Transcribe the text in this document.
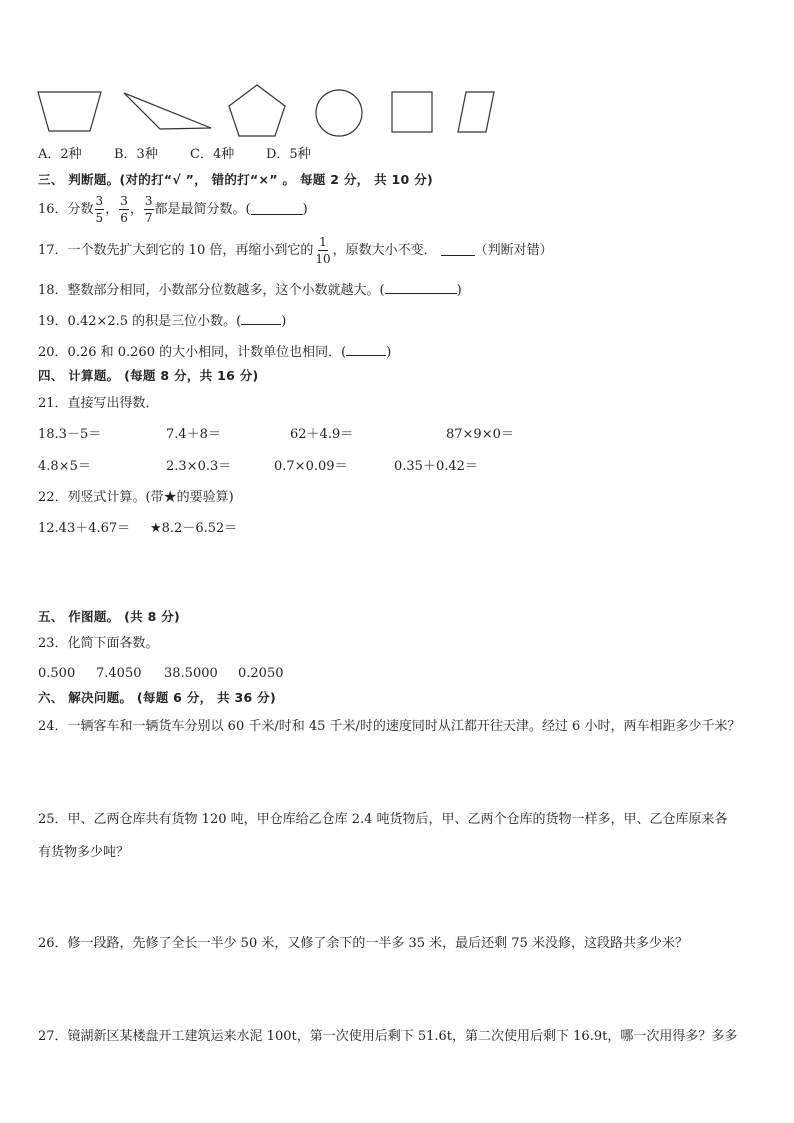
A．2种 B．3种 C．4种 D．5种
三、 判断题。(对的打“√ ”， 错的打“×” 。 每题 2 分， 共 10 分)
16．分数 $\frac{3}{5}$ ， $\frac{3}{6}$ ， $\frac{3}{7}$ 都是最简分数。(	)
17．一个数先扩大到它的 10 倍，再缩小到它的 $\frac{1}{10}$ ，原数大小不变．	（判断对错）
18．整数部分相同，小数部分位数越多，这个小数就越大。(	)
19．0.42×2.5 的积是三位小数。(	)
20．0.26 和 0.260 的大小相同，计数单位也相同．(	)
四、 计算题。 (每题 8 分，共 16 分)
21．直接写出得数．
18.3－5＝	7.4＋8＝	62＋4.9＝	87×9×0＝
4.8×5＝	2.3×0.3＝	0.7×0.09＝	0.35＋0.42＝
22．列竖式计算。(带★的要验算)
12.43＋4.67＝ ★8.2－6.52＝
五、 作图题。 (共 8 分)
23．化简下面各数。
0.500 7.4050 38.5000 0.2050
六、 解决问题。 (每题 6 分， 共 36 分)
24．一辆客车和一辆货车分别以 60 千米/时和 45 千米/时的速度同时从江都开往天津。经过 6 小时，两车相距多少千米？
25．甲、乙两仓库共有货物 120 吨，甲仓库给乙仓库 2.4 吨货物后，甲、乙两个仓库的货物一样多，甲、乙仓库原来各
有货物多少吨？
26．修一段路，先修了全长一半少 50 米，又修了余下的一半多 35 米，最后还剩 75 米没修，这段路共多少米？
27．镜湖新区某楼盘开工建筑运来水泥 100t，第一次使用后剩下 51.6t，第二次使用后剩下 16.9t，哪一次用得多？多多
